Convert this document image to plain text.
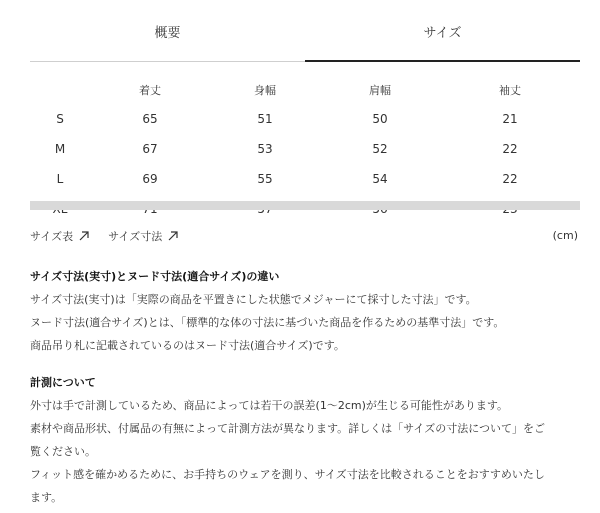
概要	サイズ
	着丈	身幅	肩幅	袖丈
S	65	51	50	21
M	67	53	52	22
L	69	55	54	22

サイズ表	サイズ寸法	(cm)
サイズ寸法(実寸)とヌード寸法(適合サイズ)の違い
サイズ寸法(実寸)は「実際の商品を平置きにした状態でメジャーにて採寸した寸法」です。
ヌード寸法(適合サイズ)とは、「標準的な体の寸法に基づいた商品を作るための基準寸法」です。
商品吊り札に記載されているのはヌード寸法(適合サイズ)です。
計測について
外寸は手で計測しているため、商品によっては若干の誤差(1～2cm)が生じる可能性があります。
素材や商品形状、付属品の有無によって計測方法が異なります。詳しくは「サイズの寸法について」をご
覧ください。
フィット感を確かめるために、お手持ちのウェアを測り、サイズ寸法を比較されることをおすすめいたし
ます。
